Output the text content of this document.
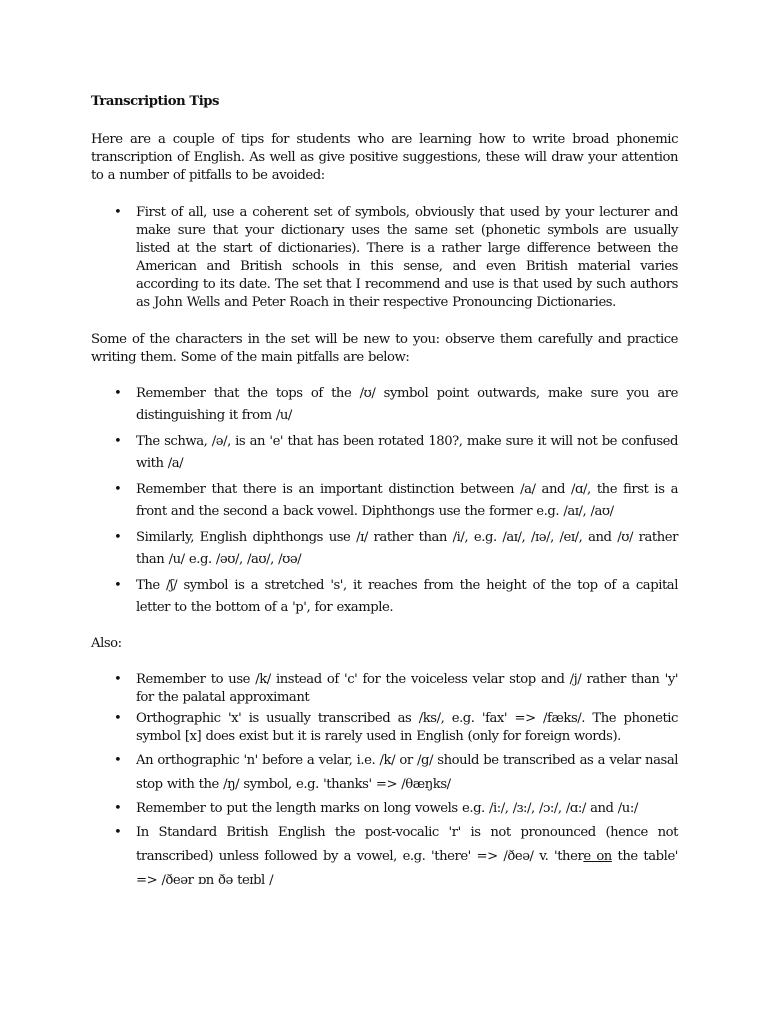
Transcription Tips

Here are a couple of tips for students who are learning how to write broad phonemic transcription of English. As well as give positive suggestions, these will draw your attention to a number of pitfalls to be avoided:

• First of all, use a coherent set of symbols, obviously that used by your lecturer and make sure that your dictionary uses the same set (phonetic symbols are usually listed at the start of dictionaries). There is a rather large difference between the American and British schools in this sense, and even British material varies according to its date. The set that I recommend and use is that used by such authors as John Wells and Peter Roach in their respective Pronouncing Dictionaries.

Some of the characters in the set will be new to you: observe them carefully and practice writing them. Some of the main pitfalls are below:

• Remember that the tops of the /ʊ/ symbol point outwards, make sure you are distinguishing it from /u/
• The schwa, /ə/, is an 'e' that has been rotated 180?, make sure it will not be confused with /a/
• Remember that there is an important distinction between /a/ and /ɑ/, the first is a front and the second a back vowel. Diphthongs use the former e.g. /aɪ/, /aʊ/
• Similarly, English diphthongs use /ɪ/ rather than /i/, e.g. /aɪ/, /ɪə/, /eɪ/, and /ʊ/ rather than /u/ e.g. /əʊ/, /aʊ/, /ʊə/
• The /ʃ/ symbol is a stretched 's', it reaches from the height of the top of a capital letter to the bottom of a 'p', for example.

Also:

• Remember to use /k/ instead of 'c' for the voiceless velar stop and /j/ rather than 'y' for the palatal approximant
• Orthographic 'x' is usually transcribed as /ks/, e.g. 'fax' => /fæks/. The phonetic symbol [x] does exist but it is rarely used in English (only for foreign words).
• An orthographic 'n' before a velar, i.e. /k/ or /g/ should be transcribed as a velar nasal stop with the /ŋ/ symbol, e.g. 'thanks' => /θæŋks/
• Remember to put the length marks on long vowels e.g. /i:/, /ɜ:/, /ɔ:/, /ɑ:/ and /u:/
• In Standard British English the post-vocalic 'r' is not pronounced (hence not transcribed) unless followed by a vowel, e.g. 'there' => /ðeə/ v. 'there on the table' => /ðeər ɒn ðə teɪbl /
